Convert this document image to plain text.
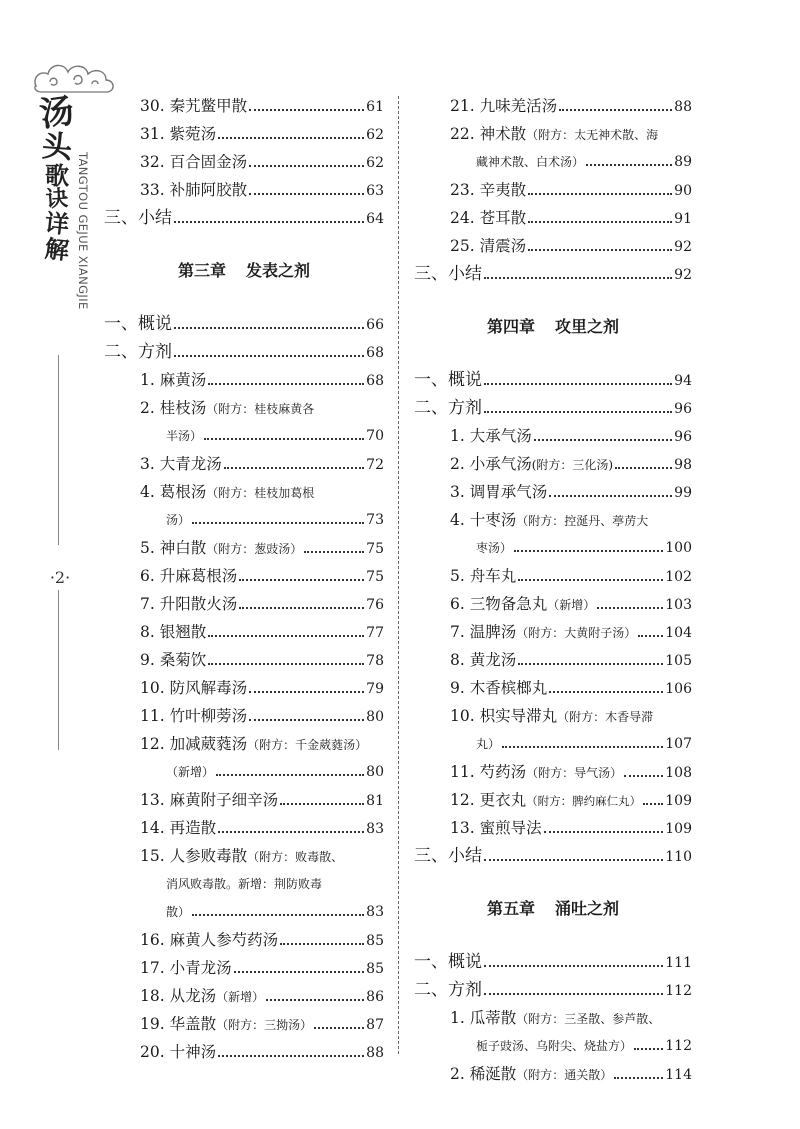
汤
头
歌
诀
详
解 TANGTOU GEJUE XIANGJIE
·2·
30. 秦艽鳖甲散	61
31. 紫菀汤	62
32. 百合固金汤	62
33. 补肺阿胶散	63
三、小结	64
第三章 发表之剂
一、概说	66
二、方剂	68
1. 麻黄汤	68
2. 桂枝汤（附方：桂枝麻黄各
半汤）	70
3. 大青龙汤	72
4. 葛根汤（附方：桂枝加葛根
汤）	73
5. 神白散 （附方：葱豉汤）	75
6. 升麻葛根汤	75
7. 升阳散火汤	76
8. 银翘散	77
9. 桑菊饮	78
10. 防风解毒汤	79
11. 竹叶柳蒡汤	80
12. 加减葳蕤汤（附方：千金葳蕤汤）
（新增）	80
13. 麻黄附子细辛汤	81
14. 再造散	83
15. 人参败毒散（附方：败毒散、
消风败毒散。新增：荆防败毒
散）	83
16. 麻黄人参芍药汤	85
17. 小青龙汤	85
18. 从龙汤 （新增）	86
19. 华盖散 （附方：三拗汤）	87
20. 十神汤	88
21. 九味羌活汤	88
22. 神术散（附方：太无神术散、海
藏神术散、白术汤）	89
23. 辛夷散	90
24. 苍耳散	91
25. 清震汤	92
三、小结	92
第四章 攻里之剂
一、概说	94
二、方剂	96
1. 大承气汤	96
2. 小承气汤 (附方：三化汤)	98
3. 调胃承气汤	99
4. 十枣汤（附方：控涎丹、葶苈大
枣汤）	100
5. 舟车丸	102
6. 三物备急丸 （新增）	103
7. 温脾汤 （附方：大黄附子汤） 104
8. 黄龙汤	105
9. 木香槟榔丸	106
10. 枳实导滞丸（附方：木香导滞
丸）	107
11. 芍药汤 （附方：导气汤）	108
12. 更衣丸 （附方：脾约麻仁丸） 109
13. 蜜煎导法	109
三、小结	110
第五章 涌吐之剂
一、概说	111
二、方剂	112
1. 瓜蒂散（附方：三圣散、参芦散、
栀子豉汤、乌附尖、烧盐方） 112
2. 稀涎散 （附方：通关散）	114
